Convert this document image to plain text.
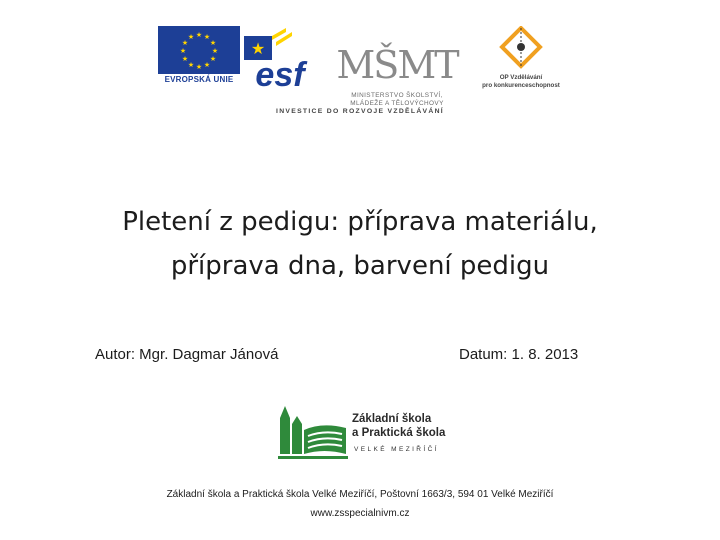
★ ★
★
★
★
★
★
★
★
★
★
★
EVROPSKÁ UNIE
★
esf MŠMT
MINISTERSTVO ŠKOLSTVÍ,
MLÁDEŽE A TĚLOVÝCHOVY
OP Vzdělávání
pro konkurenceschopnost
INVESTICE DO ROZVOJE VZDĚLÁVÁNÍ
Pletení z pedigu: příprava materiálu,
příprava dna, barvení pedigu
Autor: Mgr. Dagmar Jánová	Datum: 1. 8. 2013
Základní škola
a Praktická škola
VELKÉ MEZIŘÍČÍ
Základní škola a Praktická škola Velké Meziříčí, Poštovní 1663/3, 594 01 Velké Meziříčí
www.zsspecialnivm.cz
